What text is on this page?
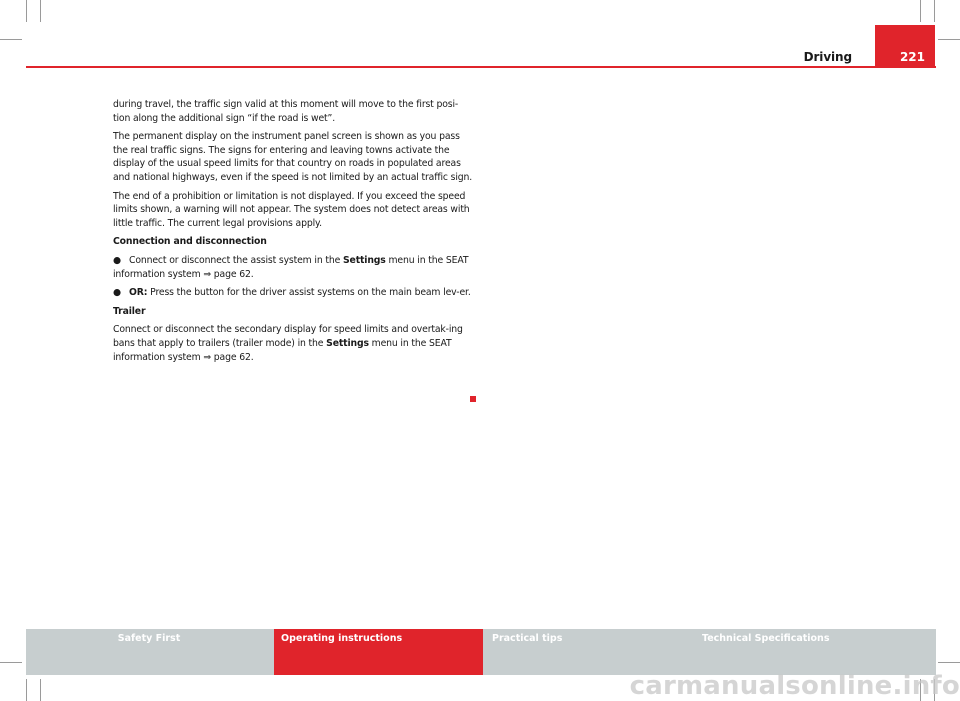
Driving	221

during travel, the traffic sign valid at this moment will move to the first posi-tion along the additional sign “if the road is wet”.

The permanent display on the instrument panel screen is shown as you pass the real traffic signs. The signs for entering and leaving towns activate the display of the usual speed limits for that country on roads in populated areas and national highways, even if the speed is not limited by an actual traffic sign.

The end of a prohibition or limitation is not displayed. If you exceed the speed limits shown, a warning will not appear. The system does not detect areas with little traffic. The current legal provisions apply.

Connection and disconnection

● Connect or disconnect the assist system in the Settings menu in the SEAT information system ⇒ page 62.

● OR: Press the button for the driver assist systems on the main beam lev-er.

Trailer

Connect or disconnect the secondary display for speed limits and overtak-ing bans that apply to trailers (trailer mode) in the Settings menu in the SEAT information system ⇒ page 62.

Safety First	Operating instructions	Practical tips	Technical Specifications
carmanualsonline.info
